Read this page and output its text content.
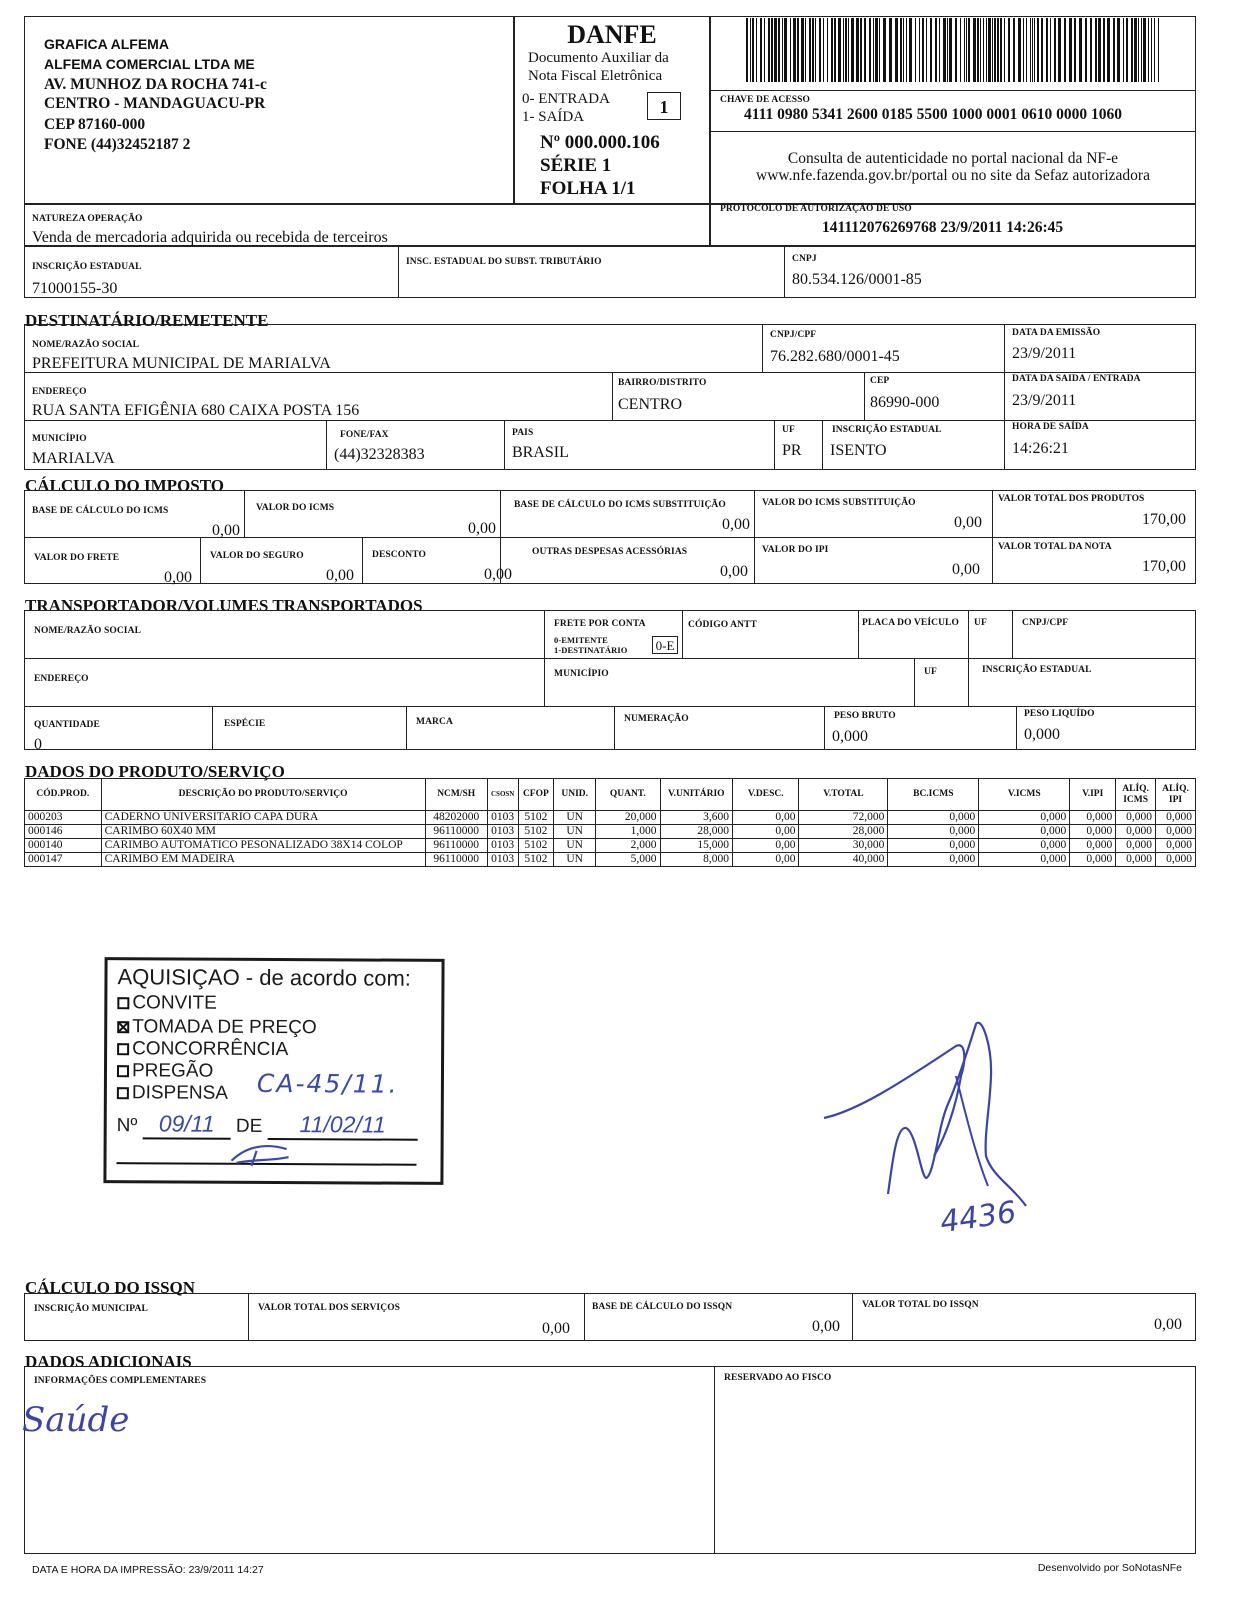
GRAFICA ALFEMA
ALFEMA COMERCIAL LTDA ME
AV. MUNHOZ DA ROCHA 741-c
CENTRO - MANDAGUACU-PR
CEP 87160-000
FONE (44)32452187 2
DANFE
Documento Auxiliar da
Nota Fiscal Eletrônica
0- ENTRADA
1- SAÍDA	1
Nº 000.000.106
SÉRIE 1
FOLHA 1/1
CHAVE DE ACESSO
4111 0980 5341 2600 0185 5500 1000 0001 0610 0000 1060
Consulta de autenticidade no portal nacional da NF-e
www.nfe.fazenda.gov.br/portal ou no site da Sefaz autorizadora
NATUREZA OPERAÇÃO
Venda de mercadoria adquirida ou recebida de terceiros
PROTOCOLO DE AUTORIZAÇÃO DE USO
141112076269768 23/9/2011 14:26:45
INSCRIÇÃO ESTADUAL
71000155-30
INSC. ESTADUAL DO SUBST. TRIBUTÁRIO	CNPJ
80.534.126/0001-85
DESTINATÁRIO/REMETENTE
NOME/RAZÃO SOCIAL
PREFEITURA MUNICIPAL DE MARIALVA
CNPJ/CPF
76.282.680/0001-45
DATA DA EMISSÃO
23/9/2011
ENDEREÇO
RUA SANTA EFIGÊNIA 680 CAIXA POSTA 156
BAIRRO/DISTRITO
CENTRO
CEP
86990-000
DATA DA SAIDA / ENTRADA
23/9/2011
MUNICÍPIO
MARIALVA
FONE/FAX
(44)32328383
PAIS
BRASIL
UF
PR
INSCRIÇÃO ESTADUAL
ISENTO
HORA DE SAÍDA
14:26:21
CÁLCULO DO IMPOSTO
BASE DE CÁLCULO DO ICMS
0,00
VALOR DO ICMS
0,00
BASE DE CÁLCULO DO ICMS SUBSTITUIÇÃO
0,00
VALOR DO ICMS SUBSTITUIÇÃO
0,00
VALOR TOTAL DOS PRODUTOS
170,00
VALOR DO FRETE
0,00
VALOR DO SEGURO
0,00
DESCONTO
0,00
OUTRAS DESPESAS ACESSÓRIAS
0,00
VALOR DO IPI
0,00
VALOR TOTAL DA NOTA
170,00
TRANSPORTADOR/VOLUMES TRANSPORTADOS
NOME/RAZÃO SOCIAL
FRETE POR CONTA
0-EMITENTE
1-DESTINATÁRIO 0-E
CÓDIGO ANTT	PLACA DO VEÍCULO UF	CNPJ/CPF
ENDEREÇO	MUNICÍPIO	UF	INSCRIÇÃO ESTADUAL
QUANTIDADE
0
ESPÉCIE	MARCA	NUMERAÇÃO	PESO BRUTO
0,000
PESO LIQUÍDO
0,000
DADOS DO PRODUTO/SERVIÇO
CÓD.PROD.	DESCRIÇÃO DO PRODUTO/SERVIÇO	NCM/SH	CSOSN	CFOP	UNID.	QUANT.	V.UNITÁRIO	V.DESC.	V.TOTAL	BC.ICMS	V.ICMS	V.IPI	ALÍQ. ICMS	ALÍQ. IPI
000203	CADERNO UNIVERSITARIO CAPA DURA	48202000	0103	5102	UN	20,000	3,600	0,00	72,000	0,000	0,000	0,000	0,000	0,000
000146	CARIMBO 60X40 MM	96110000	0103	5102	UN	1,000	28,000	0,00	28,000	0,000	0,000	0,000	0,000	0,000
000140	CARIMBO AUTOMÁTICO PESONALIZADO 38X14 COLOP	96110000	0103	5102	UN	2,000	15,000	0,00	30,000	0,000	0,000	0,000	0,000	0,000
000147	CARIMBO EM MADEIRA	96110000	0103	5102	UN	5,000	8,000	0,00	40,000	0,000	0,000	0,000	0,000	0,000
AQUISIÇAO - de acordo com:
CONVITE
TOMADA DE PREÇO
CONCORRÊNCIA
PREGÃO
DISPENSA CA-45/11.
Nº 09/11 DE 11/02/11
4436
CÁLCULO DO ISSQN
INSCRIÇÃO MUNICIPAL	VALOR TOTAL DOS SERVIÇOS
0,00
BASE DE CÁLCULO DO ISSQN
0,00
VALOR TOTAL DO ISSQN
0,00
DADOS ADICIONAIS
INFORMAÇÕES COMPLEMENTARES
Saúde
RESERVADO AO FISCO
DATA E HORA DA IMPRESSÃO: 23/9/2011 14:27	Desenvolvido por SoNotasNFe
